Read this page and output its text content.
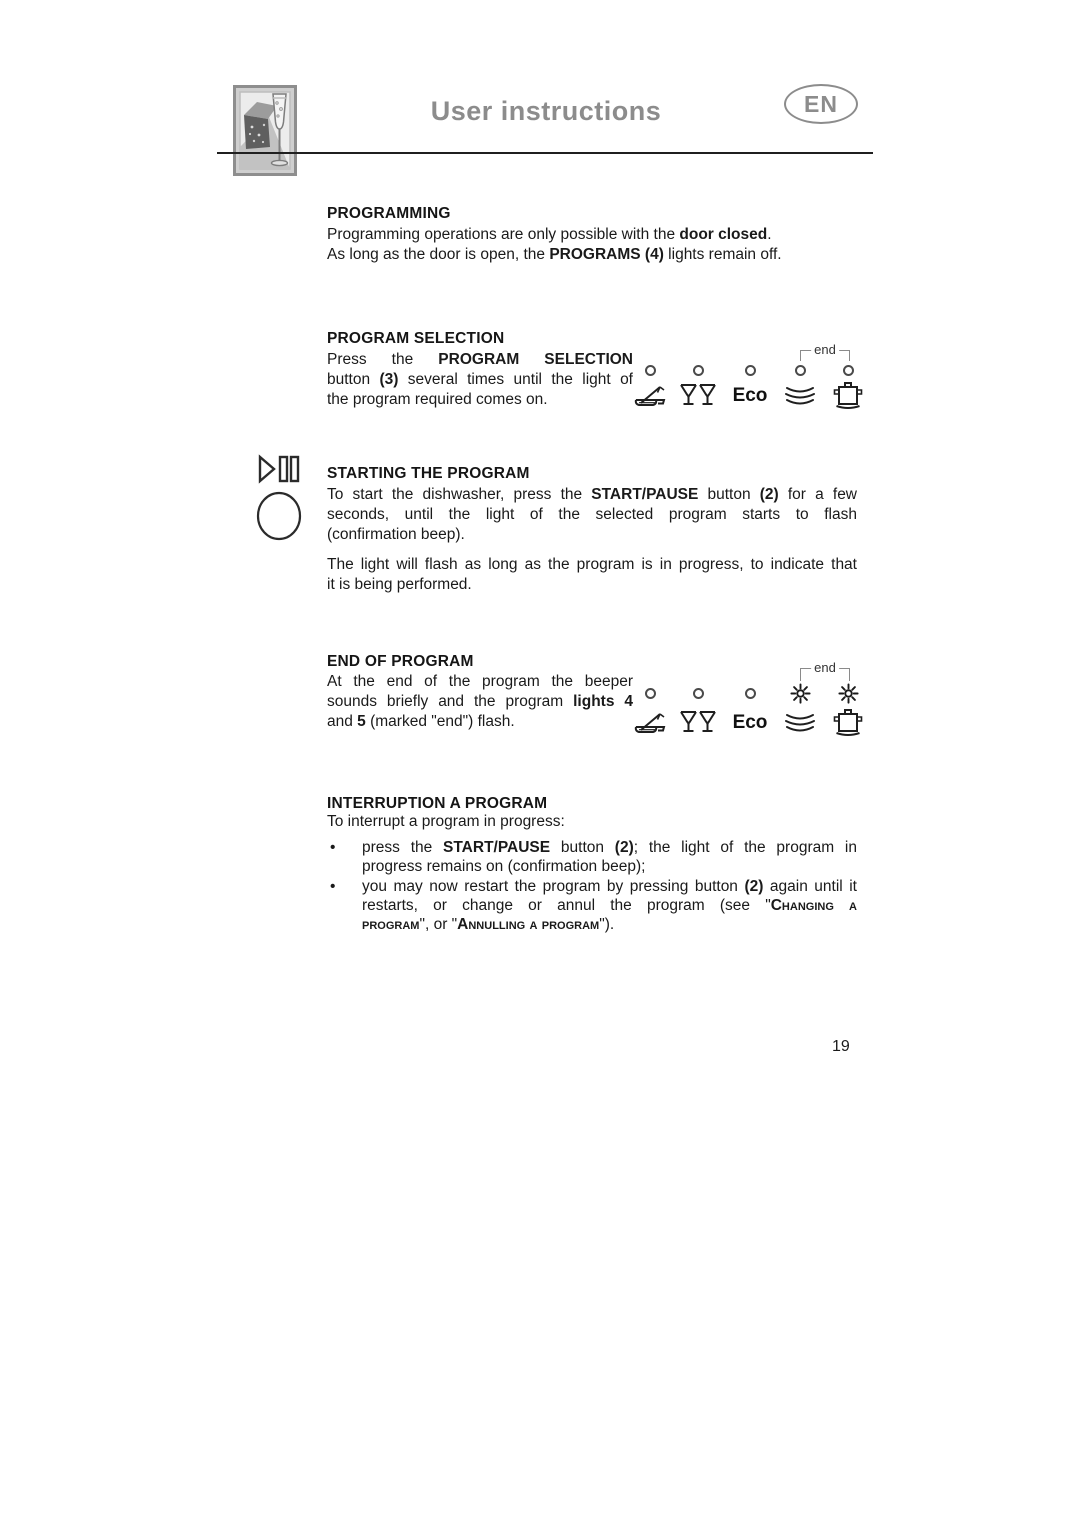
User instructions	EN
PROGRAMMING
Programming operations are only possible with the door closed.
As long as the door is open, the PROGRAMS (4) lights remain off.
PROGRAM SELECTION
Press the PROGRAM SELECTION
button (3) several times until the light of
the program required comes on.
end
Eco
STARTING THE PROGRAM
To start the dishwasher, press the START/PAUSE button (2) for a few
seconds, until the light of the selected program starts to flash
(confirmation beep).
The light will flash as long as the program is in progress, to indicate that
it is being performed.
END OF PROGRAM
At the end of the program the beeper
sounds briefly and the program lights 4
and 5 (marked "end") flash.
end
Eco
INTERRUPTION A PROGRAM
To interrupt a program in progress:
•	press the START/PAUSE button (2); the light of the program in
progress remains on (confirmation beep);
•	you may now restart the program by pressing button (2) again until it
restarts, or change or annul the program (see "Changing a
program", or "Annulling a program").
19
